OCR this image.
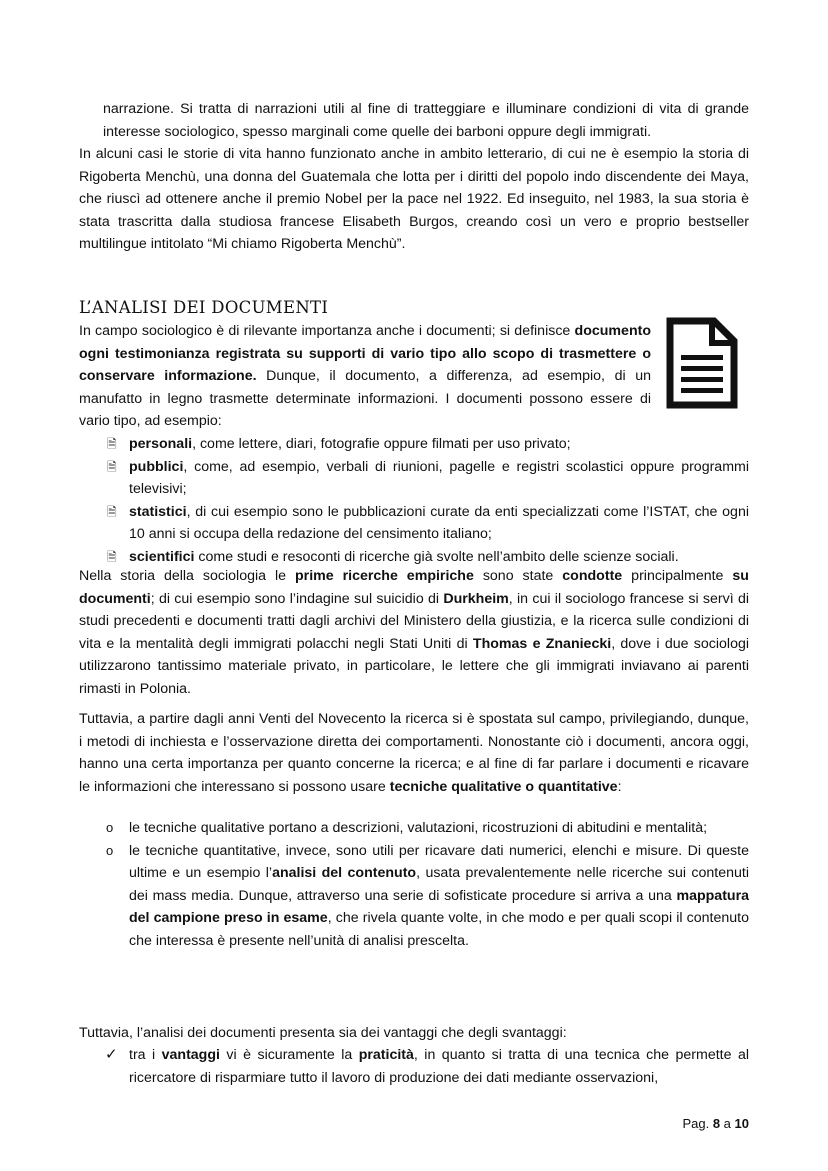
narrazione. Si tratta di narrazioni utili al fine di tratteggiare e illuminare condizioni di vita di grande interesse sociologico, spesso marginali come quelle dei barboni oppure degli immigrati.

In alcuni casi le storie di vita hanno funzionato anche in ambito letterario, di cui ne è esempio la storia di Rigoberta Menchù, una donna del Guatemala che lotta per i diritti del popolo indo discendente dei Maya, che riuscì ad ottenere anche il premio Nobel per la pace nel 1922. Ed inseguito, nel 1983, la sua storia è stata trascritta dalla studiosa francese Elisabeth Burgos, creando così un vero e proprio bestseller multilingue intitolato “Mi chiamo Rigoberta Menchù”.

L’ANALISI DEI DOCUMENTI

In campo sociologico è di rilevante importanza anche i documenti; si definisce documento ogni testimonianza registrata su supporti di vario tipo allo scopo di trasmettere o conservare informazione. Dunque, il documento, a differenza, ad esempio, di un manufatto in legno trasmette determinate informazioni. I documenti possono essere di vario tipo, ad esempio:

🗎 personali, come lettere, diari, fotografie oppure filmati per uso privato;
🗎 pubblici, come, ad esempio, verbali di riunioni, pagelle e registri scolastici oppure programmi televisivi;
🗎 statistici, di cui esempio sono le pubblicazioni curate da enti specializzati come l’ISTAT, che ogni 10 anni si occupa della redazione del censimento italiano;
🗎 scientifici come studi e resoconti di ricerche già svolte nell’ambito delle scienze sociali.

Nella storia della sociologia le prime ricerche empiriche sono state condotte principalmente su documenti; di cui esempio sono l’indagine sul suicidio di Durkheim, in cui il sociologo francese si servì di studi precedenti e documenti tratti dagli archivi del Ministero della giustizia, e la ricerca sulle condizioni di vita e la mentalità degli immigrati polacchi negli Stati Uniti di Thomas e Znaniecki, dove i due sociologi utilizzarono tantissimo materiale privato, in particolare, le lettere che gli immigrati inviavano ai parenti rimasti in Polonia.

Tuttavia, a partire dagli anni Venti del Novecento la ricerca si è spostata sul campo, privilegiando, dunque, i metodi di inchiesta e l’osservazione diretta dei comportamenti. Nonostante ciò i documenti, ancora oggi, hanno una certa importanza per quanto concerne la ricerca; e al fine di far parlare i documenti e ricavare le informazioni che interessano si possono usare tecniche qualitative o quantitative:

o le tecniche qualitative portano a descrizioni, valutazioni, ricostruzioni di abitudini e mentalità;
o le tecniche quantitative, invece, sono utili per ricavare dati numerici, elenchi e misure. Di queste ultime e un esempio l’analisi del contenuto, usata prevalentemente nelle ricerche sui contenuti dei mass media. Dunque, attraverso una serie di sofisticate procedure si arriva a una mappatura del campione preso in esame, che rivela quante volte, in che modo e per quali scopi il contenuto che interessa è presente nell’unità di analisi prescelta.

Tuttavia, l’analisi dei documenti presenta sia dei vantaggi che degli svantaggi:

✓ tra i vantaggi vi è sicuramente la praticità, in quanto si tratta di una tecnica che permette al ricercatore di risparmiare tutto il lavoro di produzione dei dati mediante osservazioni,

Pag. 8 a 10
